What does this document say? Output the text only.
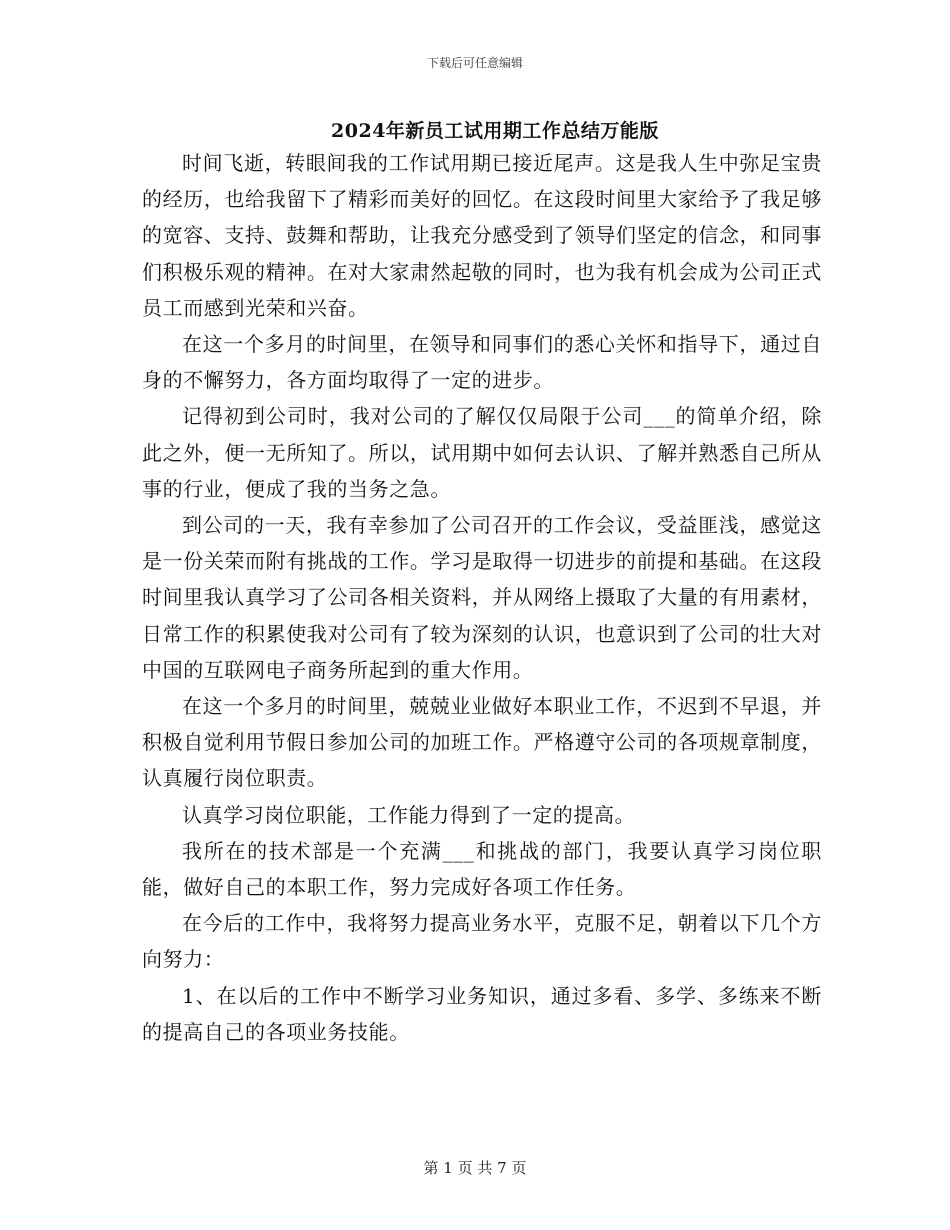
下载后可任意编辑
2024年新员工试用期工作总结万能版

时间飞逝，转眼间我的工作试用期已接近尾声。这是我人生中弥足宝贵的经历，也给我留下了精彩而美好的回忆。在这段时间里大家给予了我足够的宽容、支持、鼓舞和帮助，让我充分感受到了领导们坚定的信念，和同事们积极乐观的精神。在对大家肃然起敬的同时，也为我有机会成为公司正式员工而感到光荣和兴奋。

在这一个多月的时间里，在领导和同事们的悉心关怀和指导下，通过自身的不懈努力，各方面均取得了一定的进步。

记得初到公司时，我对公司的了解仅仅局限于公司___的简单介绍，除此之外，便一无所知了。所以，试用期中如何去认识、了解并熟悉自己所从事的行业，便成了我的当务之急。

到公司的一天，我有幸参加了公司召开的工作会议，受益匪浅，感觉这是一份关荣而附有挑战的工作。学习是取得一切进步的前提和基础。在这段时间里我认真学习了公司各相关资料，并从网络上摄取了大量的有用素材，日常工作的积累使我对公司有了较为深刻的认识，也意识到了公司的壮大对中国的互联网电子商务所起到的重大作用。

在这一个多月的时间里，兢兢业业做好本职业工作，不迟到不早退，并积极自觉利用节假日参加公司的加班工作。严格遵守公司的各项规章制度，认真履行岗位职责。

认真学习岗位职能，工作能力得到了一定的提高。

我所在的技术部是一个充满___和挑战的部门，我要认真学习岗位职能，做好自己的本职工作，努力完成好各项工作任务。

在今后的工作中，我将努力提高业务水平，克服不足，朝着以下几个方向努力：

1、在以后的工作中不断学习业务知识，通过多看、多学、多练来不断的提高自己的各项业务技能。

第 1 页 共 7 页
